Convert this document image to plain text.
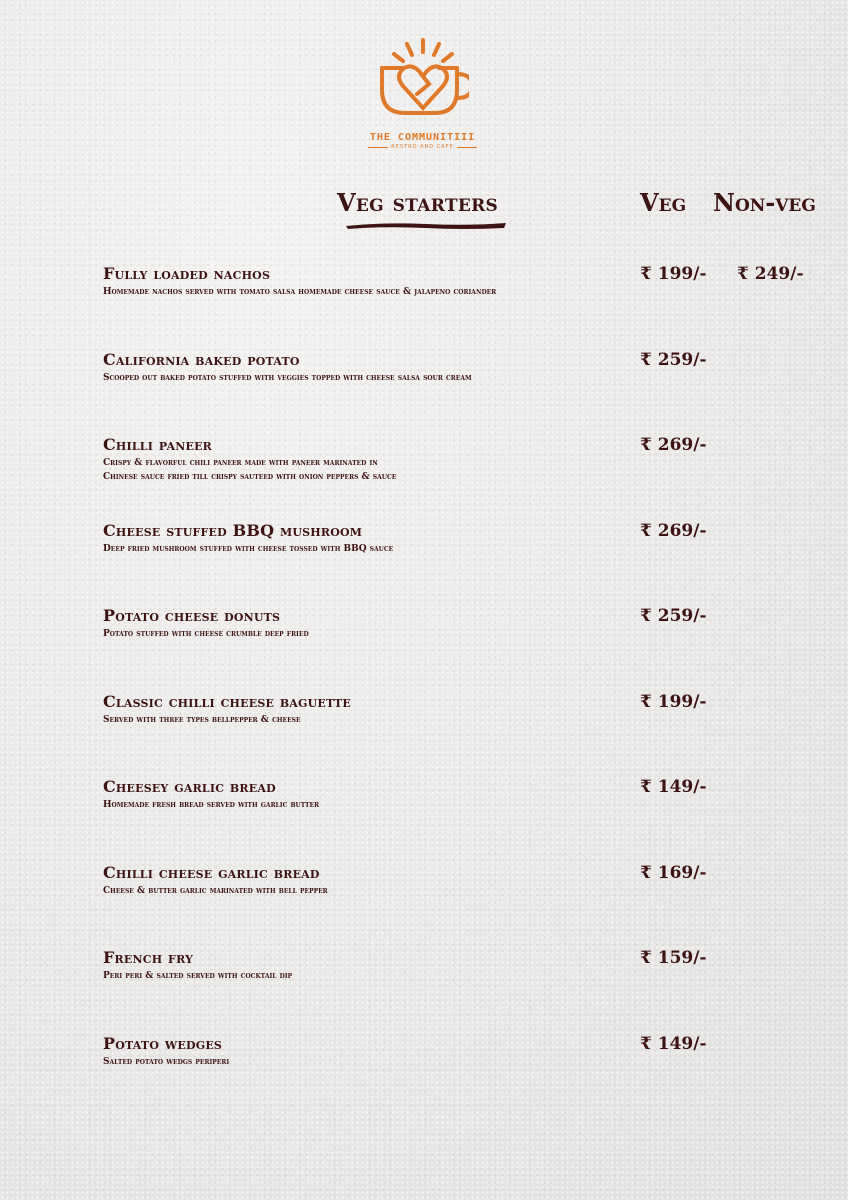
THE COMMUNITIII
RESTRO AND CAFE
Veg starters	Veg Non-veg
Fully loaded nachos
Homemade nachos served with tomato salsa homemade cheese sauce & jalapeno coriander
₹ 199/- ₹ 249/-
California baked potato
Scooped out baked potato stuffed with veggies topped with cheese salsa sour cream
₹ 259/-
Chilli paneer
Crispy & flavorful chili paneer made with paneer marinated in
Chinese sauce fried till crispy sauteed with onion peppers & sauce
₹ 269/-
Cheese stuffed BBQ mushroom
Deep fried mushroom stuffed with cheese tossed with BBQ sauce
₹ 269/-
Potato cheese donuts
Potato stuffed with cheese crumble deep fried
₹ 259/-
Classic chilli cheese baguette
Served with three types bellpepper & cheese
₹ 199/-
Cheesey garlic bread
Homemade fresh bread served with garlic butter
₹ 149/-
Chilli cheese garlic bread
Cheese & butter garlic marinated with bell pepper
₹ 169/-
French fry
Peri peri & salted served with cocktail dip
₹ 159/-
Potato wedges
Salted potato wedgs periperi
₹ 149/-
